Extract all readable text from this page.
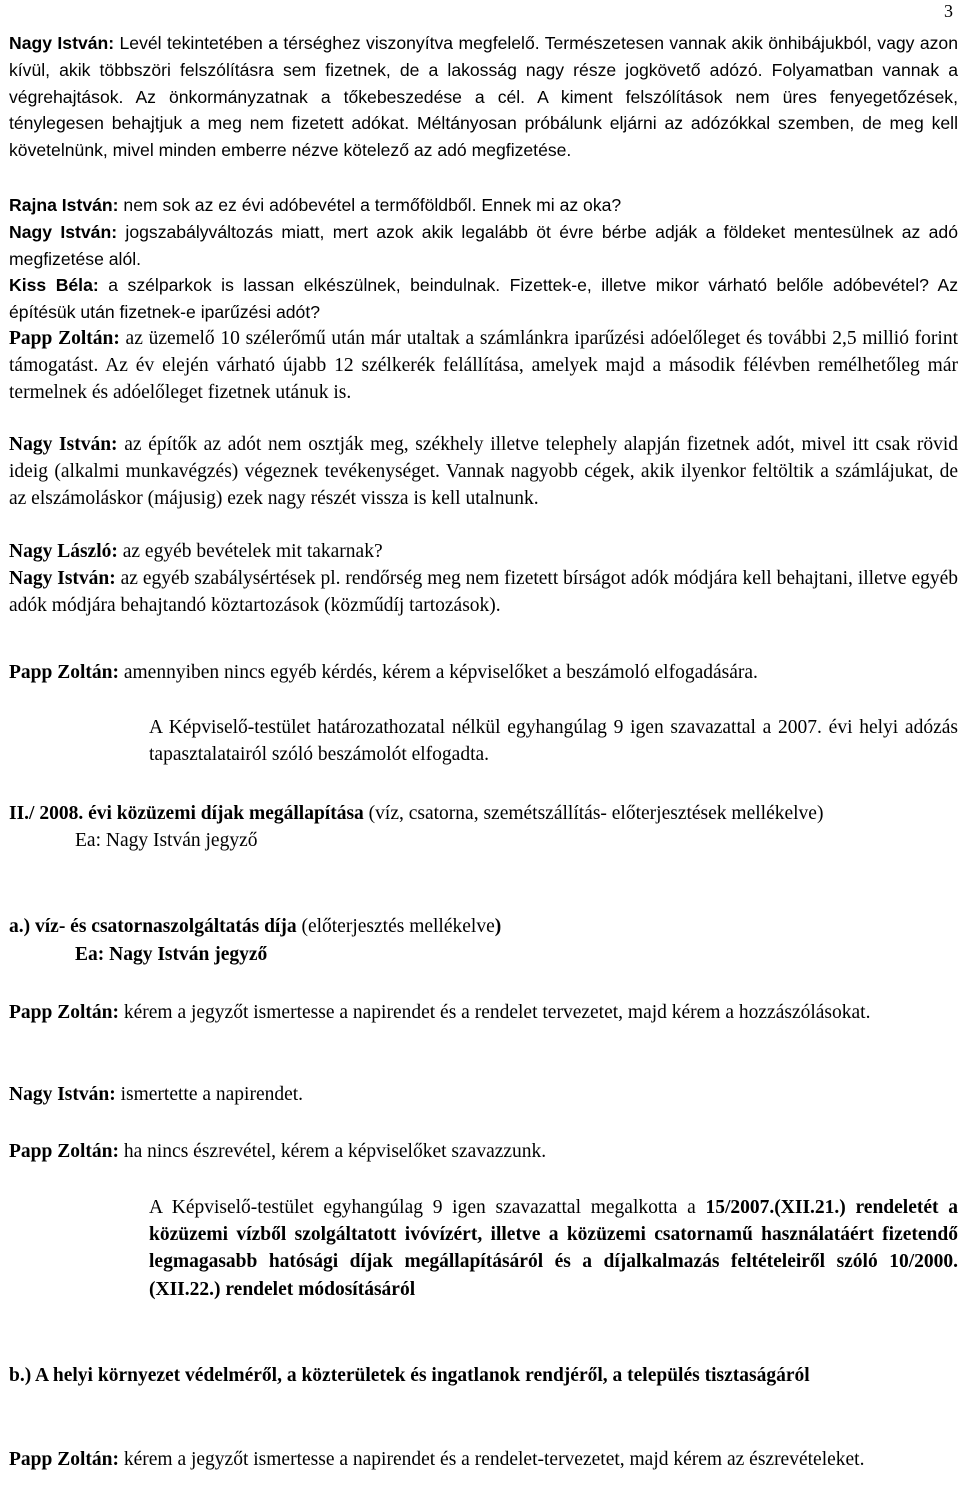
3

Nagy István: Levél tekintetében a térséghez viszonyítva megfelelő. Természetesen vannak akik önhibájukból, vagy azon kívül, akik többszöri felszólításra sem fizetnek, de a lakosság nagy része jogkövető adózó. Folyamatban vannak a végrehajtások. Az önkormányzatnak a tőkebeszedése a cél. A kiment felszólítások nem üres fenyegetőzések, ténylegesen behajtjuk a meg nem fizetett adókat. Méltányosan próbálunk eljárni az adózókkal szemben, de meg kell követelnünk, mivel minden emberre nézve kötelező az adó megfizetése.

Rajna István: nem sok az ez évi adóbevétel a termőföldből. Ennek mi az oka?

Nagy István: jogszabályváltozás miatt, mert azok akik legalább öt évre bérbe adják a földeket mentesülnek az adó megfizetése alól.

Kiss Béla: a szélparkok is lassan elkészülnek, beindulnak. Fizettek-e, illetve mikor várható belőle adóbevétel? Az építésük után fizetnek-e iparűzési adót?

Papp Zoltán: az üzemelő 10 szélerőmű után már utaltak a számlánkra iparűzési adóelőleget és további 2,5 millió forint támogatást. Az év elején várható újabb 12 szélkerék felállítása, amelyek majd a második félévben remélhetőleg már termelnek és adóelőleget fizetnek utánuk is.

Nagy István: az építők az adót nem osztják meg, székhely illetve telephely alapján fizetnek adót, mivel itt csak rövid ideig (alkalmi munkavégzés) végeznek tevékenységet. Vannak nagyobb cégek, akik ilyenkor feltöltik a számlájukat, de az elszámoláskor (májusig) ezek nagy részét vissza is kell utalnunk.

Nagy László: az egyéb bevételek mit takarnak?

Nagy István: az egyéb szabálysértések pl. rendőrség meg nem fizetett bírságot adók módjára kell behajtani, illetve egyéb adók módjára behajtandó köztartozások (közműdíj tartozások).

Papp Zoltán: amennyiben nincs egyéb kérdés, kérem a képviselőket a beszámoló elfogadására.

A Képviselő-testület határozathozatal nélkül egyhangúlag 9 igen szavazattal a 2007. évi helyi adózás tapasztalatairól szóló beszámolót elfogadta.

II./ 2008. évi közüzemi díjak megállapítása (víz, csatorna, szemétszállítás- előterjesztések mellékelve)

Ea: Nagy István jegyző

a.) víz- és csatornaszolgáltatás díja (előterjesztés mellékelve)

Ea: Nagy István jegyző

Papp Zoltán: kérem a jegyzőt ismertesse a napirendet és a rendelet tervezetet, majd kérem a hozzászólásokat.

Nagy István: ismertette a napirendet.

Papp Zoltán: ha nincs észrevétel, kérem a képviselőket szavazzunk.

A Képviselő-testület egyhangúlag 9 igen szavazattal megalkotta a 15/2007.(XII.21.) rendeletét a közüzemi vízből szolgáltatott ivóvízért, illetve a közüzemi csatornamű használatáért fizetendő legmagasabb hatósági díjak megállapításáról és a díjalkalmazás feltételeiről szóló 10/2000. (XII.22.) rendelet módosításáról

b.) A helyi környezet védelméről, a közterületek és ingatlanok rendjéről, a település tisztaságáról

Papp Zoltán: kérem a jegyzőt ismertesse a napirendet és a rendelet-tervezetet, majd kérem az észrevételeket.
